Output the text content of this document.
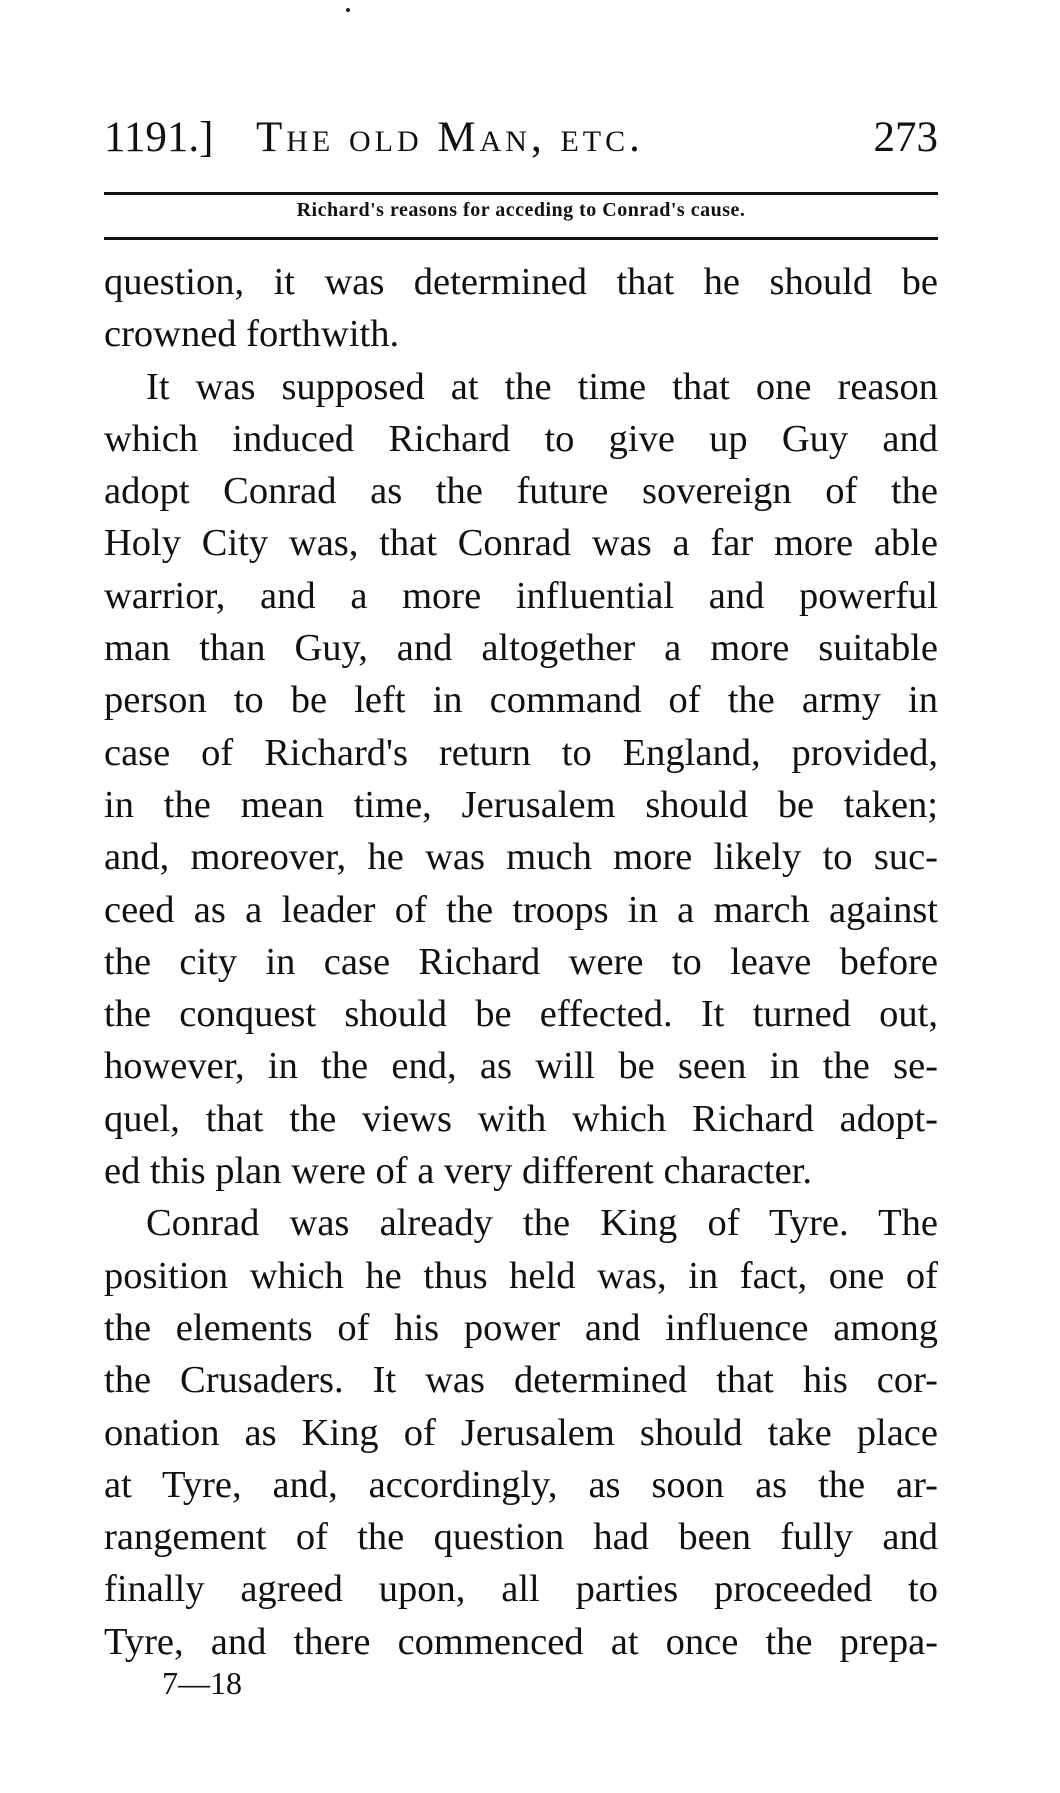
1191.] The old Man, etc.	273
Richard's reasons for acceding to Conrad's cause.
question, it was determined that he should be
crowned forthwith.
It was supposed at the time that one reason
which induced Richard to give up Guy and
adopt Conrad as the future sovereign of the
Holy City was, that Conrad was a far more able
warrior, and a more influential and powerful
man than Guy, and altogether a more suitable
person to be left in command of the army in
case of Richard's return to England, provided,
in the mean time, Jerusalem should be taken;
and, moreover, he was much more likely to suc-
ceed as a leader of the troops in a march against
the city in case Richard were to leave before
the conquest should be effected. It turned out,
however, in the end, as will be seen in the se-
quel, that the views with which Richard adopt-
ed this plan were of a very different character.
Conrad was already the King of Tyre. The
position which he thus held was, in fact, one of
the elements of his power and influence among
the Crusaders. It was determined that his cor-
onation as King of Jerusalem should take place
at Tyre, and, accordingly, as soon as the ar-
rangement of the question had been fully and
finally agreed upon, all parties proceeded to
Tyre, and there commenced at once the prepa-
7—18
